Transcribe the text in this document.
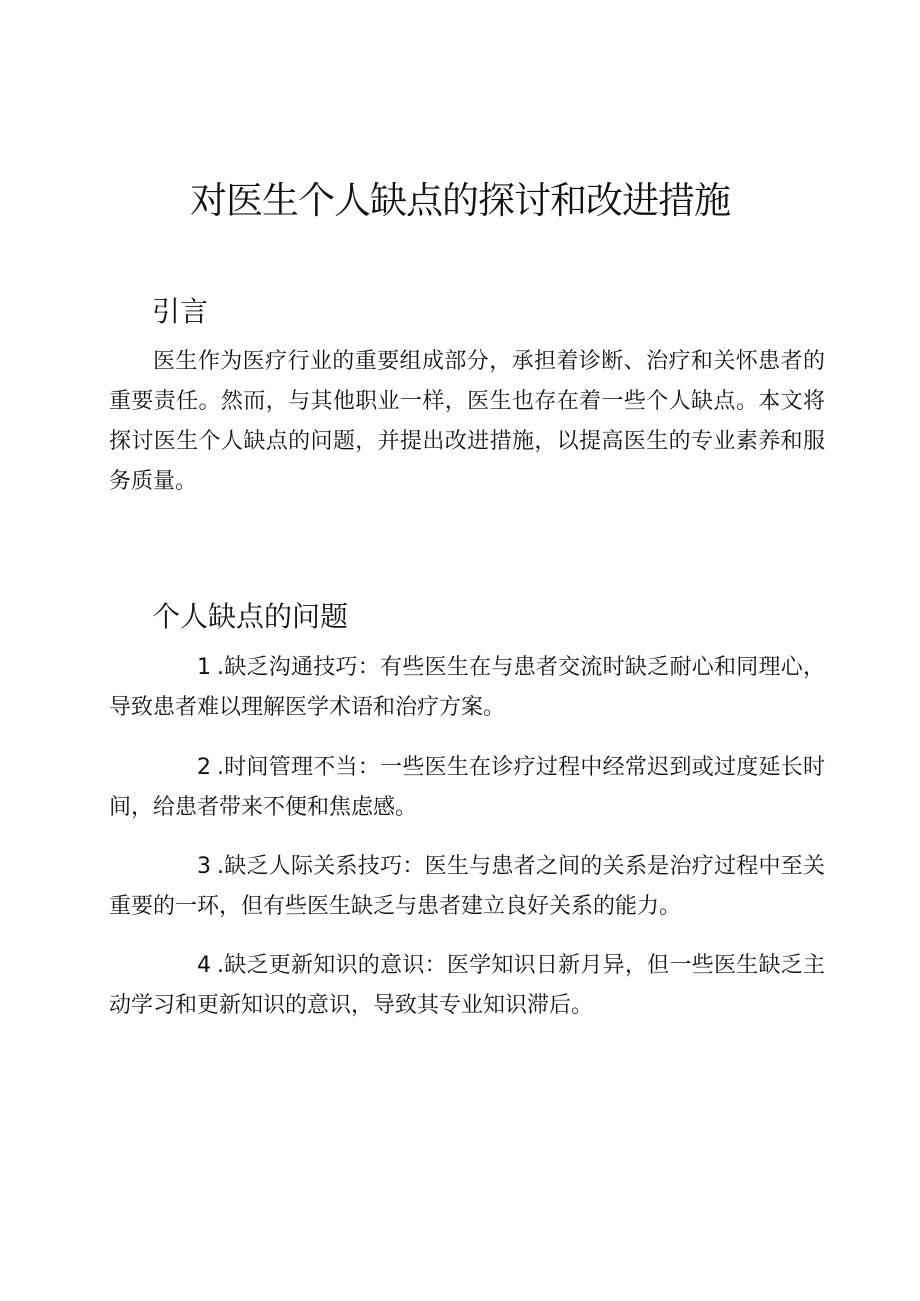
对医生个人缺点的探讨和改进措施
引言

医生作为医疗行业的重要组成部分，承担着诊断、治疗和关怀患者的重要责任。然而，与其他职业一样，医生也存在着一些个人缺点。本文将探讨医生个人缺点的问题，并提出改进措施，以提高医生的专业素养和服务质量。

个人缺点的问题

1 .缺乏沟通技巧：有些医生在与患者交流时缺乏耐心和同理心，导致患者难以理解医学术语和治疗方案。

2 .时间管理不当：一些医生在诊疗过程中经常迟到或过度延长时间，给患者带来不便和焦虑感。

3 .缺乏人际关系技巧：医生与患者之间的关系是治疗过程中至关重要的一环，但有些医生缺乏与患者建立良好关系的能力。

4 .缺乏更新知识的意识：医学知识日新月异，但一些医生缺乏主动学习和更新知识的意识，导致其专业知识滞后。
